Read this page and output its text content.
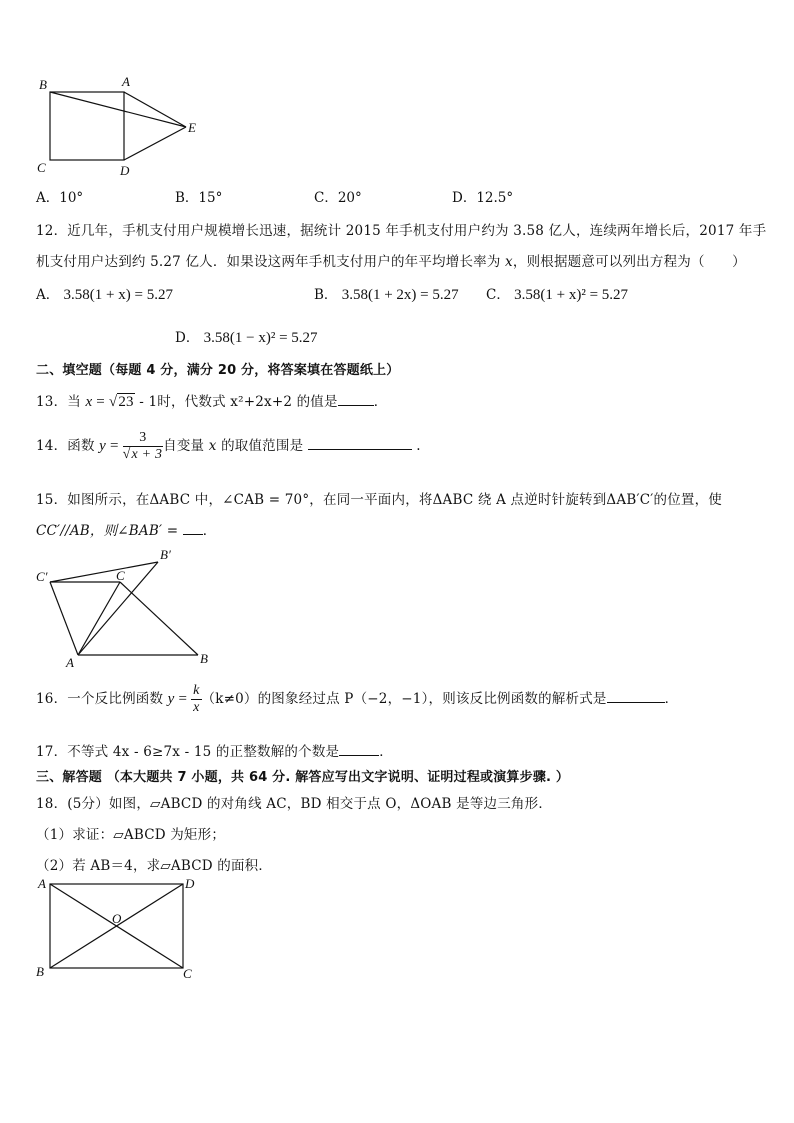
B	A
E
C	D
A．10°	B．15°	C．20°	D．12.5°
12．近几年，手机支付用户规模增长迅速，据统计 2015 年手机支付用户约为 3.58 亿人，连续两年增长后，2017 年手
机支付用户达到约 5.27 亿人．如果设这两年手机支付用户的年平均增长率为 x，则根据题意可以列出方程为（　　）
A． 3.58(1 + x) = 5.27	B． 3.58(1 + 2x) = 5.27 C． 3.58(1 + x)² = 5.27
D． 3.58(1 − x)² = 5.27
二、填空题（每题 4 分，满分 20 分，将答案填在答题纸上）
13．当 x = √23 - 1时，代数式 x²+2x+2 的值是	．
14．函数 $y = \frac{3}{√x + 3}$ 自变量 x 的取值范围是	.
15．如图所示，在ΔABC 中，∠CAB = 70°，在同一平面内，将ΔABC 绕 A 点逆时针旋转到ΔAB′C′的位置，使
CC′//AB，则∠BAB′ = ．
C′	C
B′
A	B
16．一个反比例函数 $y = \frac{k}{x} (k\ne 0)$的图象经过点 P（−2，−1），则该反比例函数的解析式是	．
17．不等式 4x - 6≥7x - 15 的正整数解的个数是	．
三、解答题 （本大题共 7 小题，共 64 分. 解答应写出文字说明、证明过程或演算步骤. ）
18．(5分）如图，▱ABCD 的对角线 AC，BD 相交于点 O，ΔOAB 是等边三角形．
（1）求证：▱ABCD 为矩形；
（2）若 AB＝4，求▱ABCD 的面积．
A	D
O
B	C
